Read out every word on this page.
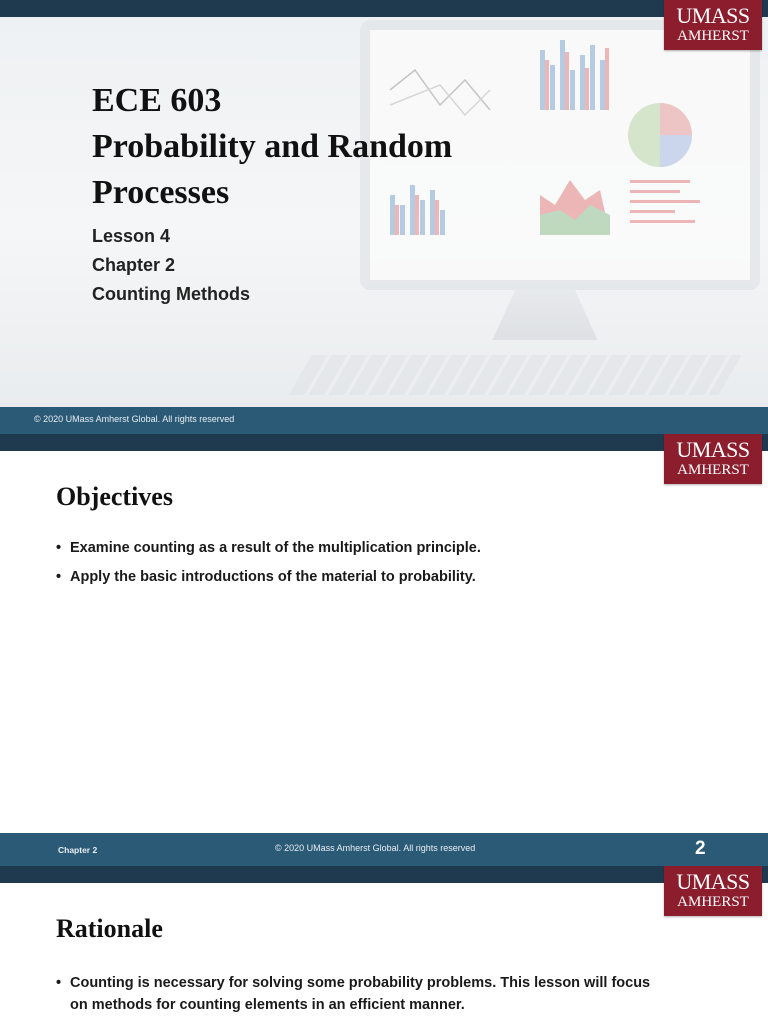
UMASS
AMHERST
ECE 603
Probability and Random
Processes
Lesson 4
Chapter 2
Counting Methods
© 2020 UMass Amherst Global. All rights reserved
UMASS
AMHERST
Objectives
• Examine counting as a result of the multiplication principle.
• Apply the basic introductions of the material to probability.
Chapter 2	© 2020 UMass Amherst Global. All rights reserved	2
UMASS
AMHERST
Rationale
• Counting is necessary for solving some probability problems. This lesson will focus on methods for counting elements in an efficient manner.
